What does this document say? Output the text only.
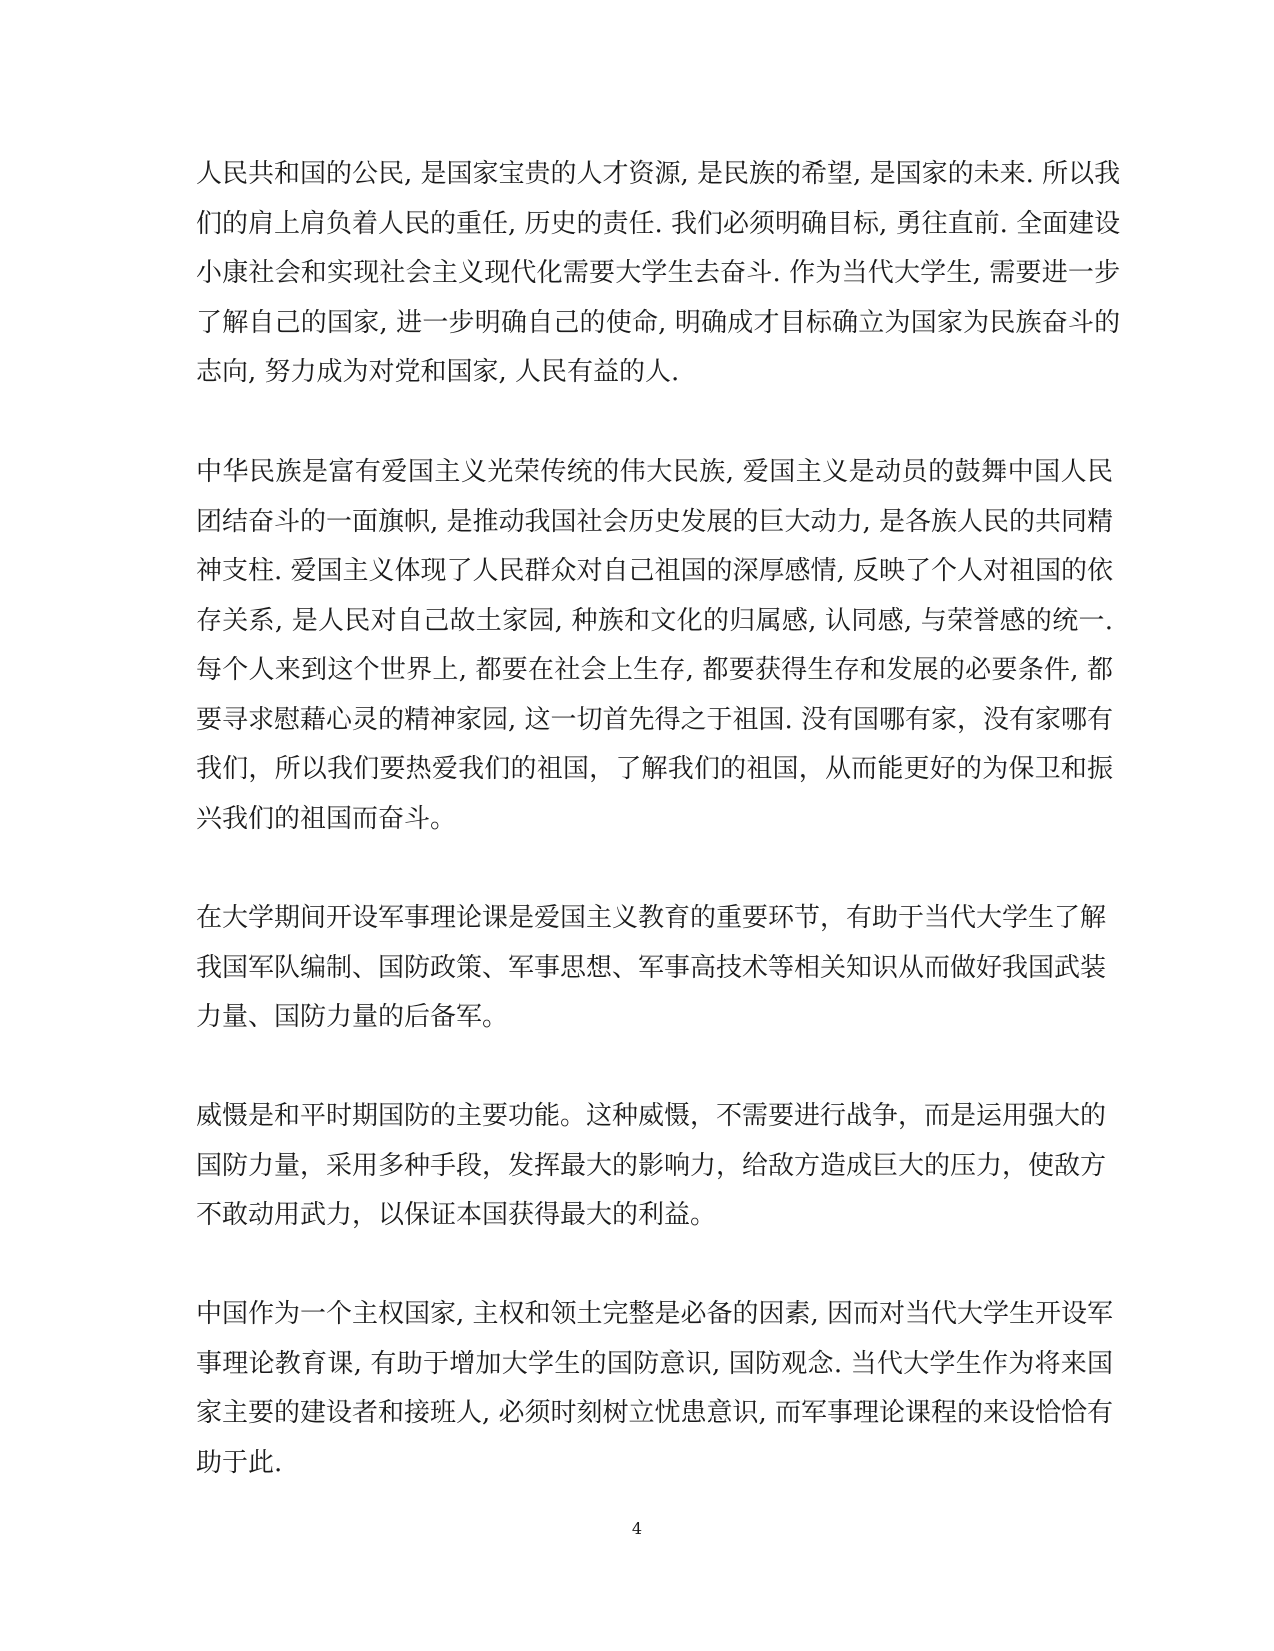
人民共和国的公民, 是国家宝贵的人才资源, 是民族的希望, 是国家的未来. 所以我
们的肩上肩负着人民的重任, 历史的责任. 我们必须明确目标, 勇往直前. 全面建设
小康社会和实现社会主义现代化需要大学生去奋斗. 作为当代大学生, 需要进一步
了解自己的国家, 进一步明确自己的使命, 明确成才目标确立为国家为民族奋斗的
志向, 努力成为对党和国家, 人民有益的人.
中华民族是富有爱国主义光荣传统的伟大民族, 爱国主义是动员的鼓舞中国人民
团结奋斗的一面旗帜, 是推动我国社会历史发展的巨大动力, 是各族人民的共同精
神支柱. 爱国主义体现了人民群众对自己祖国的深厚感情, 反映了个人对祖国的依
存关系, 是人民对自己故土家园, 种族和文化的归属感, 认同感, 与荣誉感的统一.
每个人来到这个世界上, 都要在社会上生存, 都要获得生存和发展的必要条件, 都
要寻求慰藉心灵的精神家园, 这一切首先得之于祖国. 没有国哪有家，没有家哪有
我们，所以我们要热爱我们的祖国，了解我们的祖国，从而能更好的为保卫和振
兴我们的祖国而奋斗。
在大学期间开设军事理论课是爱国主义教育的重要环节，有助于当代大学生了解
我国军队编制、国防政策、军事思想、军事高技术等相关知识从而做好我国武装
力量、国防力量的后备军。
威慑是和平时期国防的主要功能。这种威慑，不需要进行战争，而是运用强大的
国防力量，采用多种手段，发挥最大的影响力，给敌方造成巨大的压力，使敌方
不敢动用武力，以保证本国获得最大的利益。
中国作为一个主权国家, 主权和领土完整是必备的因素, 因而对当代大学生开设军
事理论教育课, 有助于增加大学生的国防意识, 国防观念. 当代大学生作为将来国
家主要的建设者和接班人, 必须时刻树立忧患意识, 而军事理论课程的来设恰恰有
助于此.
4
